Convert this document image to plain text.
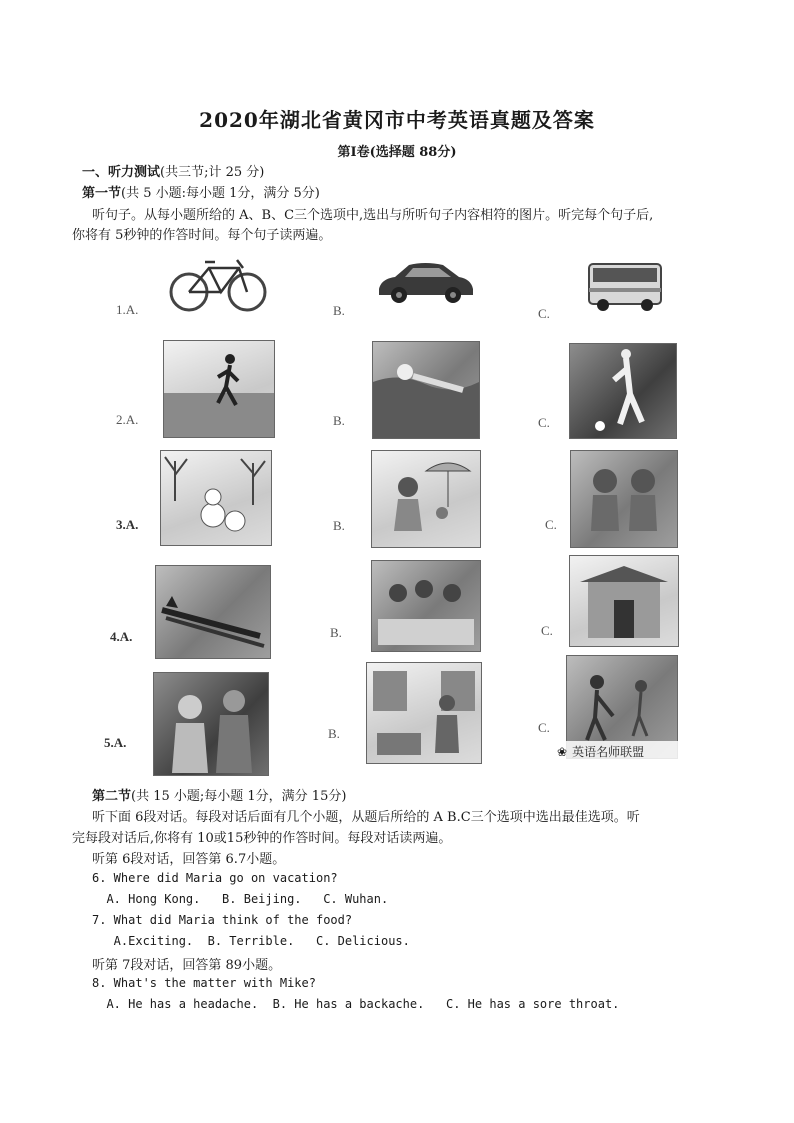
2020年湖北省黄冈市中考英语真题及答案
第Ⅰ卷(选择题 88分)
一、听力测试(共三节;计 25 分)
第一节(共 5 小题:每小题 1分，满分 5分)
听句子。从每小题所给的 A、B、C三个选项中,选出与所听句子内容相符的图片。听完每个句子后,
你将有 5秒钟的作答时间。每个句子读两遍。
1.A.	B.	C.
2.A.	B.	C.
3.A.	B.	C.
4.A.	B.	C.
5.A.
B.	C.
❀ 英语名师联盟
第二节(共 15 小题;每小题 1分，满分 15分)
听下面 6段对话。每段对话后面有几个小题，从题后所给的 A B.C三个选项中选出最佳选项。听
完每段对话后,你将有 10或15秒钟的作答时间。每段对话读两遍。
听第 6段对话，回答第 6.7小题。
6. Where did Maria go on vacation?
A. Hong Kong.   B. Beijing.   C. Wuhan.
7. What did Maria think of the food?
A.Exciting.  B. Terrible.   C. Delicious.
听第 7段对话，回答第 89小题。
8. What's the matter with Mike?
A. He has a headache.  B. He has a backache.   C. He has a sore throat.
